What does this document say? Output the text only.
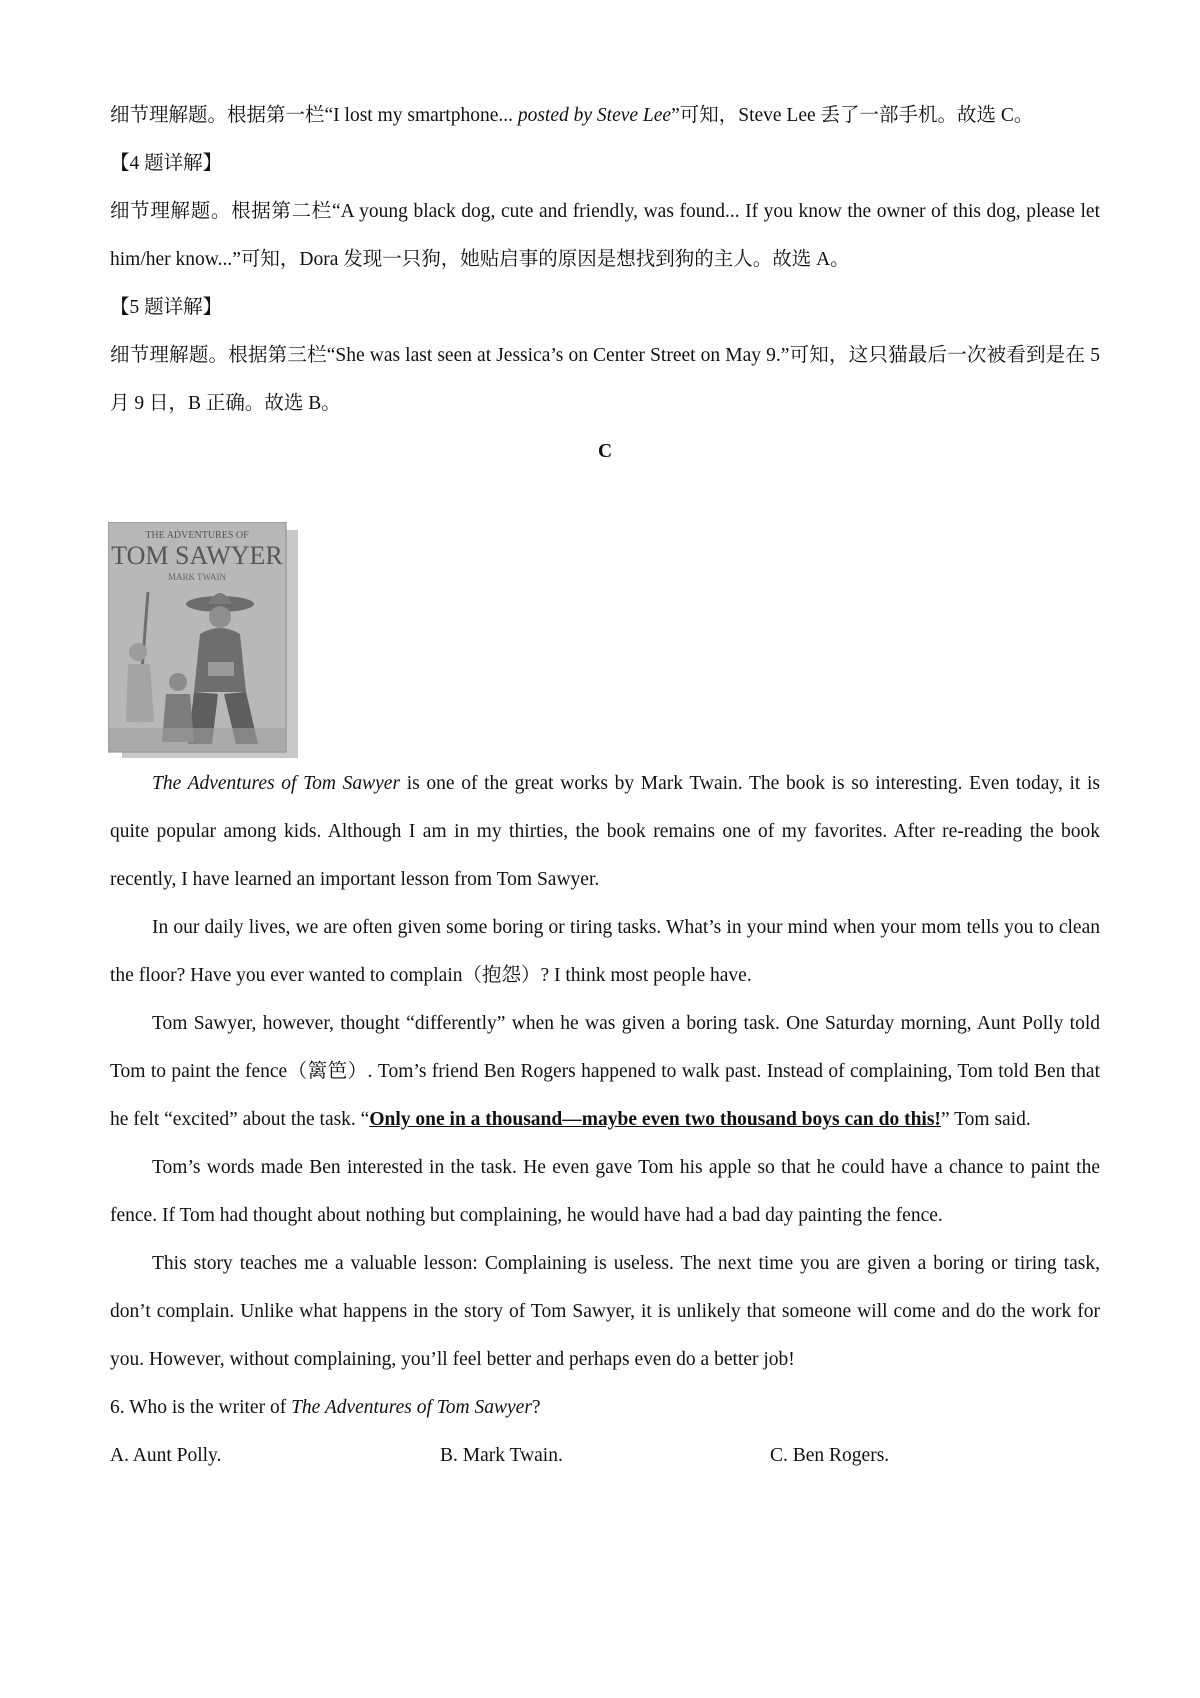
细节理解题。根据第一栏“I lost my smartphone... posted by Steve Lee”可知，Steve Lee 丢了一部手机。故选 C。

【4 题详解】

细节理解题。根据第二栏“A young black dog, cute and friendly, was found... If you know the owner of this dog, please let him/her know...”可知，Dora 发现一只狗，她贴启事的原因是想找到狗的主人。故选 A。

【5 题详解】

细节理解题。根据第三栏“She was last seen at Jessica’s on Center Street on May 9.”可知，这只猫最后一次被看到是在 5 月 9 日，B 正确。故选 B。

C

THE ADVENTURES OF
TOM SAWYER
MARK TWAIN

The Adventures of Tom Sawyer is one of the great works by Mark Twain. The book is so interesting. Even today, it is quite popular among kids. Although I am in my thirties, the book remains one of my favorites. After re-reading the book recently, I have learned an important lesson from Tom Sawyer.

In our daily lives, we are often given some boring or tiring tasks. What’s in your mind when your mom tells you to clean the floor? Have you ever wanted to complain（抱怨）? I think most people have.

Tom Sawyer, however, thought “differently” when he was given a boring task. One Saturday morning, Aunt Polly told Tom to paint the fence（篱笆）. Tom’s friend Ben Rogers happened to walk past. Instead of complaining, Tom told Ben that he felt “excited” about the task. “Only one in a thousand—maybe even two thousand boys can do this!” Tom said.

Tom’s words made Ben interested in the task. He even gave Tom his apple so that he could have a chance to paint the fence. If Tom had thought about nothing but complaining, he would have had a bad day painting the fence.

This story teaches me a valuable lesson: Complaining is useless. The next time you are given a boring or tiring task, don’t complain. Unlike what happens in the story of Tom Sawyer, it is unlikely that someone will come and do the work for you. However, without complaining, you’ll feel better and perhaps even do a better job!

6. Who is the writer of The Adventures of Tom Sawyer?

A. Aunt Polly.	B. Mark Twain.	C. Ben Rogers.
